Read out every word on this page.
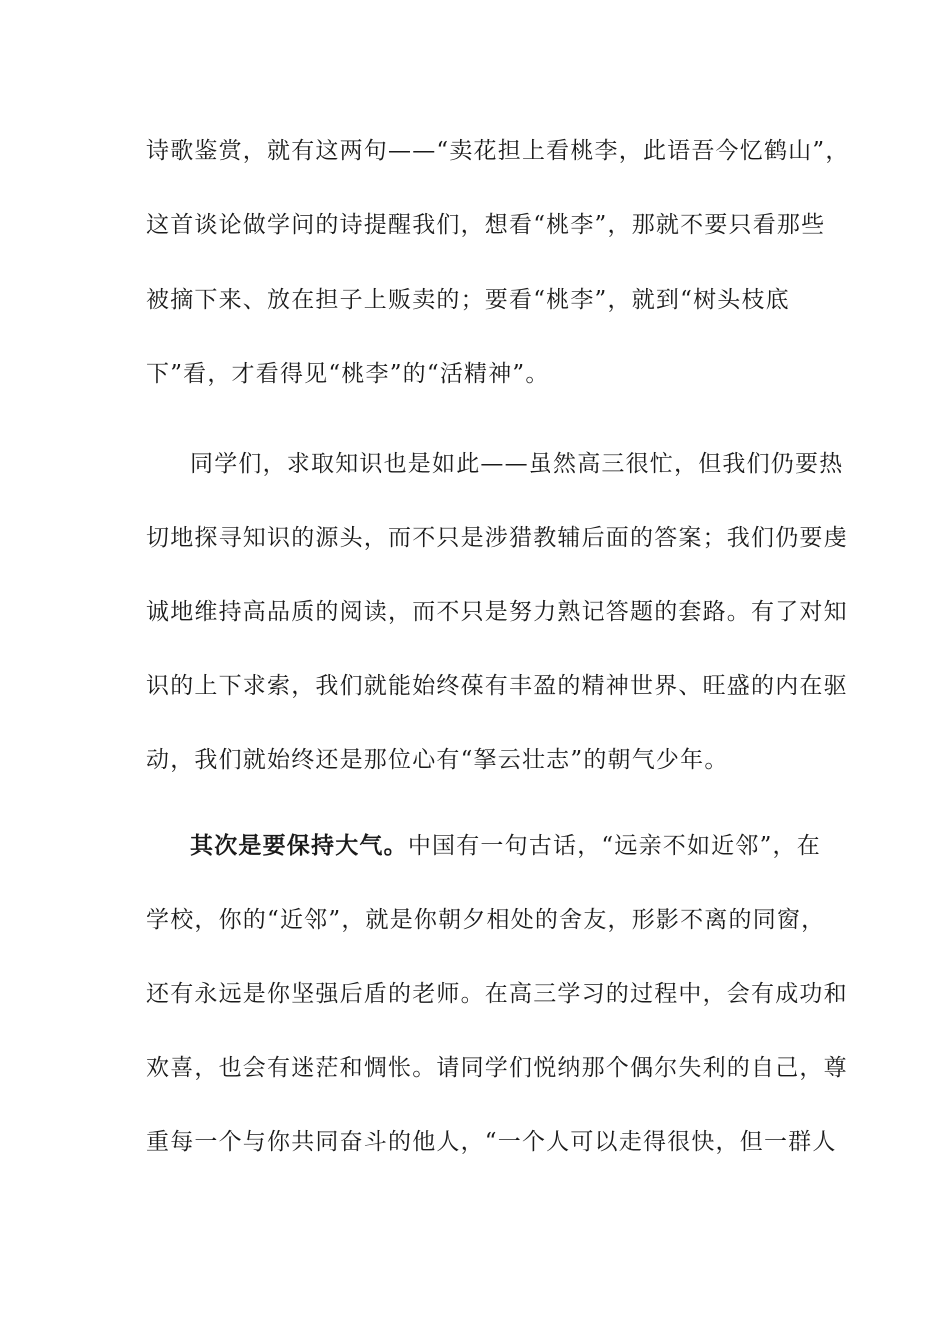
诗歌鉴赏，就有这两句——“卖花担上看桃李，此语吾今忆鹤山”，
这首谈论做学问的诗提醒我们，想看“桃李”，那就不要只看那些
被摘下来、放在担子上贩卖的；要看“桃李”，就到“树头枝底
下”看，才看得见“桃李”的“活精神”。
同学们，求取知识也是如此——虽然高三很忙，但我们仍要热
切地探寻知识的源头，而不只是涉猎教辅后面的答案；我们仍要虔
诚地维持高品质的阅读，而不只是努力熟记答题的套路。有了对知
识的上下求索，我们就能始终葆有丰盈的精神世界、旺盛的内在驱
动，我们就始终还是那位心有“拏云壮志”的朝气少年。
其次是要保持大气。中国有一句古话，“远亲不如近邻”，在
学校，你的“近邻”，就是你朝夕相处的舍友，形影不离的同窗，
还有永远是你坚强后盾的老师。在高三学习的过程中，会有成功和
欢喜，也会有迷茫和惆怅。请同学们悦纳那个偶尔失利的自己，尊
重每一个与你共同奋斗的他人，“一个人可以走得很快，但一群人
